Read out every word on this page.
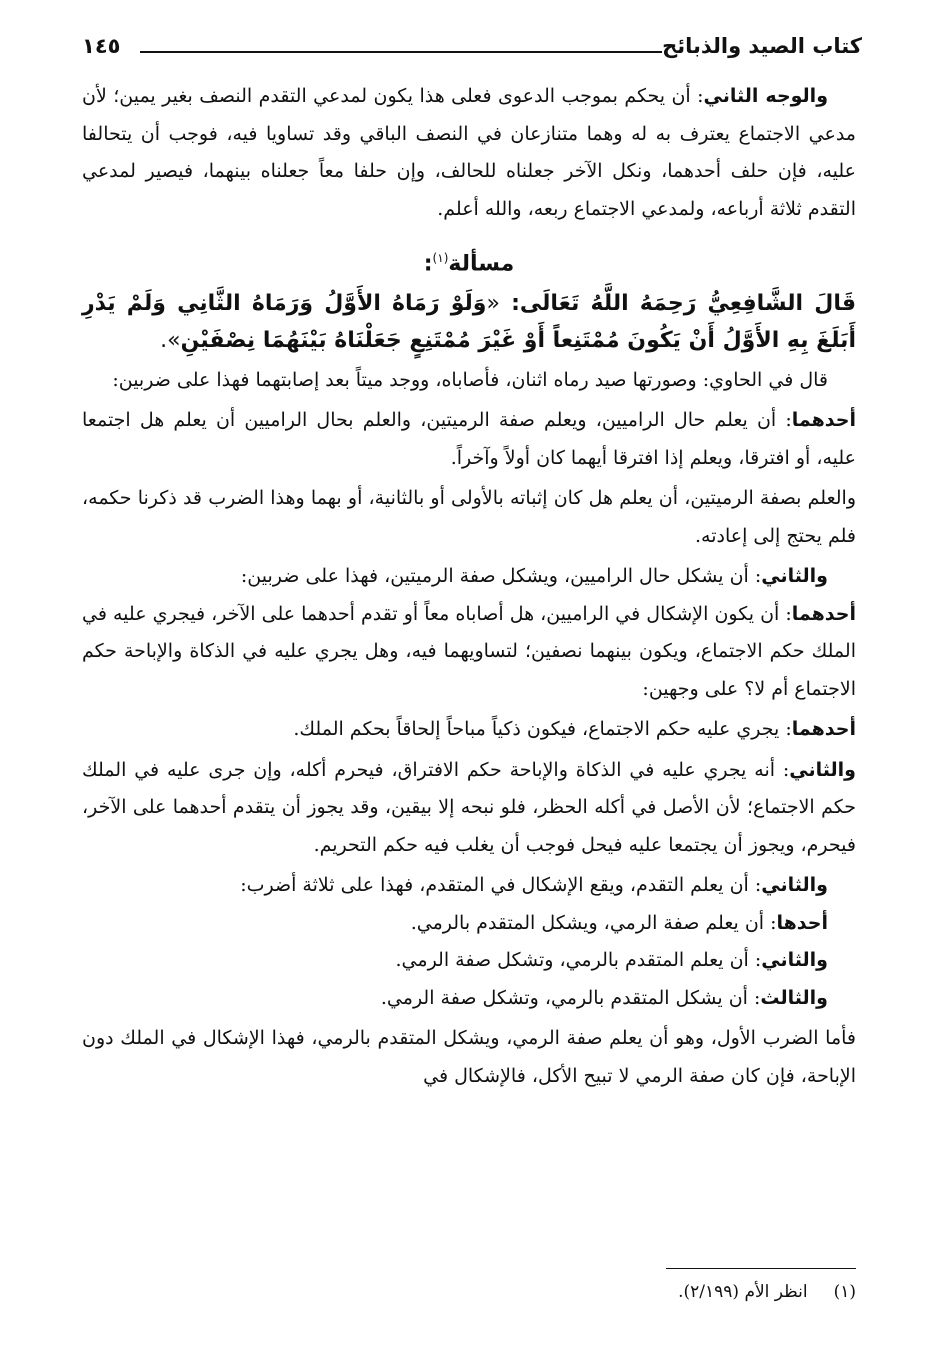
كتاب الصيد والذبائح
١٤٥

والوجه الثاني: أن يحكم بموجب الدعوى فعلى هذا يكون لمدعي التقدم النصف بغير يمين؛ لأن مدعي الاجتماع يعترف به له وهما متنازعان في النصف الباقي وقد تساويا فيه، فوجب أن يتحالفا عليه، فإن حلف أحدهما، ونكل الآخر جعلناه للحالف، وإن حلفا معاً جعلناه بينهما، فيصير لمدعي التقدم ثلاثة أرباعه، ولمدعي الاجتماع ربعه، والله أعلم.

مسألة$^{(١)}$:

قَالَ الشَّافِعِيُّ رَحِمَهُ اللَّهُ تَعَالَى: «وَلَوْ رَمَاهُ الأَوَّلُ وَرَمَاهُ الثَّانِي وَلَمْ يَدْرِ أَبَلَغَ بِهِ الأَوَّلُ أَنْ يَكُونَ مُمْتَنِعاً أَوْ غَيْرَ مُمْتَنِعٍ جَعَلْنَاهُ بَيْنَهُمَا نِصْفَيْنِ».

قال في الحاوي: وصورتها صيد رماه اثنان، فأصاباه، ووجد ميتاً بعد إصابتهما فهذا على ضربين:

أحدهما: أن يعلم حال الراميين، ويعلم صفة الرميتين، والعلم بحال الراميين أن يعلم هل اجتمعا عليه، أو افترقا، ويعلم إذا افترقا أيهما كان أولاً وآخراً.

والعلم بصفة الرميتين، أن يعلم هل كان إثباته بالأولى أو بالثانية، أو بهما وهذا الضرب قد ذكرنا حكمه، فلم يحتج إلى إعادته.

والثاني: أن يشكل حال الراميين، ويشكل صفة الرميتين، فهذا على ضربين:

أحدهما: أن يكون الإشكال في الراميين، هل أصاباه معاً أو تقدم أحدهما على الآخر، فيجري عليه في الملك حكم الاجتماع، ويكون بينهما نصفين؛ لتساويهما فيه، وهل يجري عليه في الذكاة والإباحة حكم الاجتماع أم لا؟ على وجهين:

أحدهما: يجري عليه حكم الاجتماع، فيكون ذكياً مباحاً إلحاقاً بحكم الملك.

والثاني: أنه يجري عليه في الذكاة والإباحة حكم الافتراق، فيحرم أكله، وإن جرى عليه في الملك حكم الاجتماع؛ لأن الأصل في أكله الحظر، فلو نبحه إلا بيقين، وقد يجوز أن يتقدم أحدهما على الآخر، فيحرم، ويجوز أن يجتمعا عليه فيحل فوجب أن يغلب فيه حكم التحريم.

والثاني: أن يعلم التقدم، ويقع الإشكال في المتقدم، فهذا على ثلاثة أضرب:

أحدها: أن يعلم صفة الرمي، ويشكل المتقدم بالرمي.

والثاني: أن يعلم المتقدم بالرمي، وتشكل صفة الرمي.

والثالث: أن يشكل المتقدم بالرمي، وتشكل صفة الرمي.

فأما الضرب الأول، وهو أن يعلم صفة الرمي، ويشكل المتقدم بالرمي، فهذا الإشكال في الملك دون الإباحة، فإن كان صفة الرمي لا تبيح الأكل، فالإشكال في

(١)انظر الأم (٢/١٩٩).
